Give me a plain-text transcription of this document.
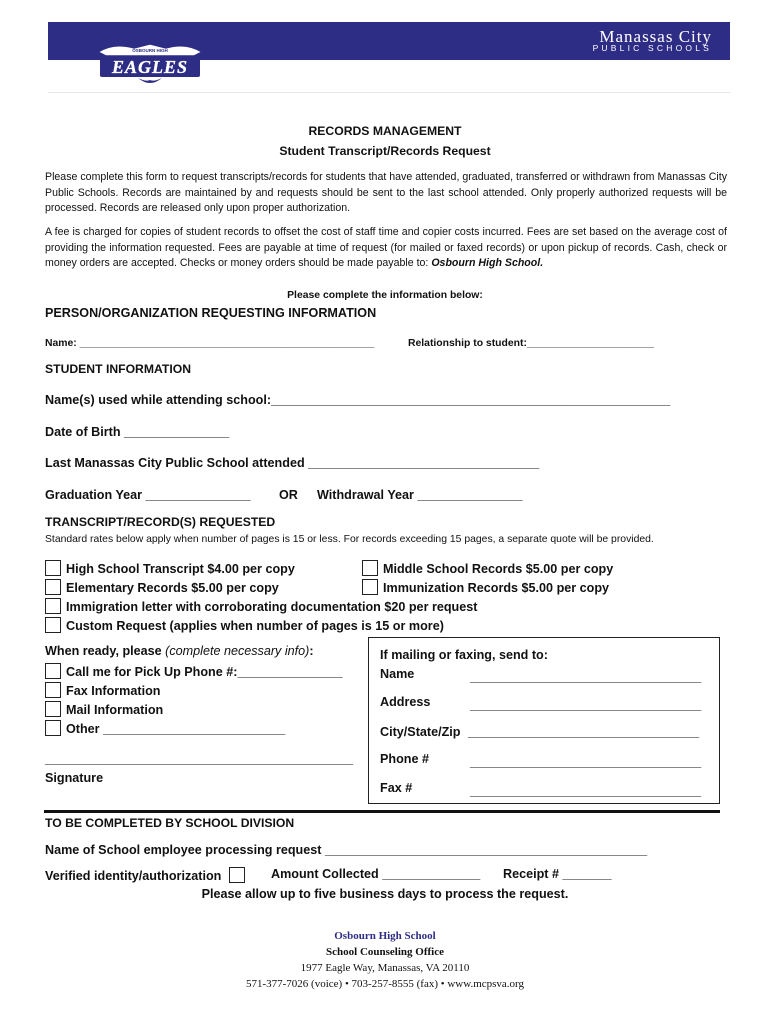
Manassas City
PUBLIC SCHOOLS
OSBOURN HIGH
EAGLES
RECORDS MANAGEMENT
Student Transcript/Records Request
Please complete this form to request transcripts/records for students that have attended, graduated, transferred or withdrawn from Manassas City Public Schools. Records are maintained by and requests should be sent to the last school attended. Only properly authorized requests will be processed. Records are released only upon proper authorization.
A fee is charged for copies of student records to offset the cost of staff time and copier costs incurred. Fees are set based on the average cost of providing the information requested. Fees are payable at time of request (for mailed or faxed records) or upon pickup of records. Cash, check or money orders are accepted. Checks or money orders should be made payable to: Osbourn High School.
Please complete the information below:
PERSON/ORGANIZATION REQUESTING INFORMATION
Name: ___________________________________________________	Relationship to student:______________________
STUDENT INFORMATION
Name(s) used while attending school:_________________________________________________________
Date of Birth _______________
Last Manassas City Public School attended _________________________________
Graduation Year _______________ OR Withdrawal Year _______________
TRANSCRIPT/RECORD(S) REQUESTED
Standard rates below apply when number of pages is 15 or less. For records exceeding 15 pages, a separate quote will be provided.
High School Transcript $4.00 per copy	Middle School Records $5.00 per copy
Elementary Records $5.00 per copy	Immunization Records $5.00 per copy
Immigration letter with corroborating documentation $20 per request
Custom Request (applies when number of pages is 15 or more)
When ready, please (complete necessary info):
Call me for Pick Up Phone #:_______________
Fax Information
Mail Information
Other __________________________
____________________________________________
Signature
If mailing or faxing, send to:
Name	_________________________________
Address	_________________________________
City/State/Zip _________________________________
Phone #	_________________________________
Fax #	_________________________________
TO BE COMPLETED BY SCHOOL DIVISION
Name of School employee processing request ______________________________________________
Verified identity/authorization	Amount Collected ______________ Receipt # _______
Please allow up to five business days to process the request.
Osbourn High School
School Counseling Office
1977 Eagle Way, Manassas, VA 20110
571-377-7026 (voice) • 703-257-8555 (fax) • www.mcpsva.org
